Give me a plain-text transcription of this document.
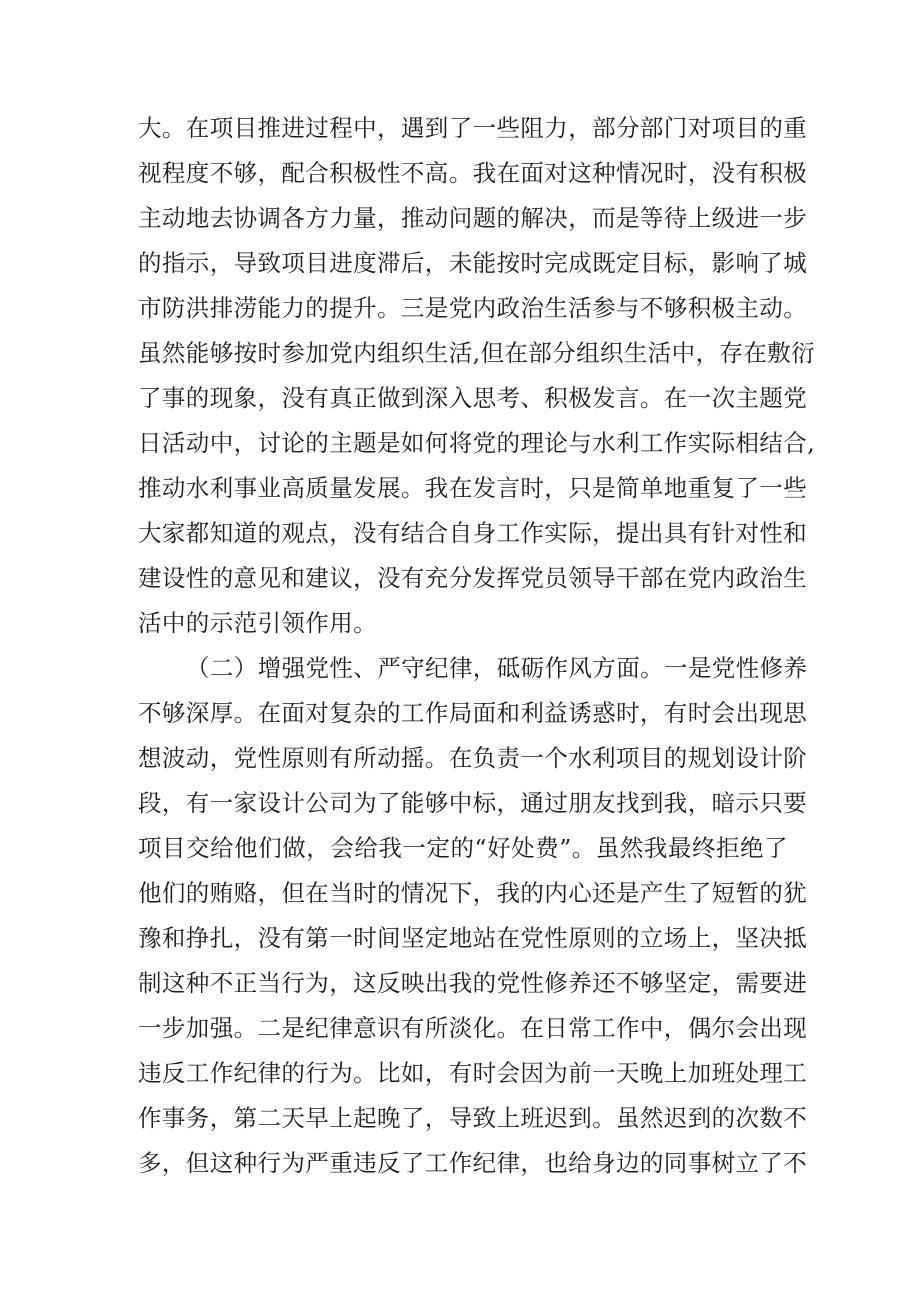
大。在项目推进过程中，遇到了一些阻力，部分部门对项目的重
视程度不够，配合积极性不高。我在面对这种情况时，没有积极
主动地去协调各方力量，推动问题的解决，而是等待上级进一步
的指示，导致项目进度滞后，未能按时完成既定目标，影响了城
市防洪排涝能力的提升。三是党内政治生活参与不够积极主动。
虽然能够按时参加党内组织生活,但在部分组织生活中，存在敷衍
了事的现象，没有真正做到深入思考、积极发言。在一次主题党
日活动中，讨论的主题是如何将党的理论与水利工作实际相结合,
推动水利事业高质量发展。我在发言时，只是简单地重复了一些
大家都知道的观点，没有结合自身工作实际，提出具有针对性和
建设性的意见和建议，没有充分发挥党员领导干部在党内政治生
活中的示范引领作用。
（二）增强党性、严守纪律，砥砺作风方面。一是党性修养
不够深厚。在面对复杂的工作局面和利益诱惑时，有时会出现思
想波动，党性原则有所动摇。在负责一个水利项目的规划设计阶
段，有一家设计公司为了能够中标，通过朋友找到我，暗示只要
项目交给他们做，会给我一定的“好处费”。虽然我最终拒绝了
他们的贿赂，但在当时的情况下，我的内心还是产生了短暂的犹
豫和挣扎，没有第一时间坚定地站在党性原则的立场上，坚决抵
制这种不正当行为，这反映出我的党性修养还不够坚定，需要进
一步加强。二是纪律意识有所淡化。在日常工作中，偶尔会出现
违反工作纪律的行为。比如，有时会因为前一天晚上加班处理工
作事务，第二天早上起晚了，导致上班迟到。虽然迟到的次数不
多，但这种行为严重违反了工作纪律，也给身边的同事树立了不
